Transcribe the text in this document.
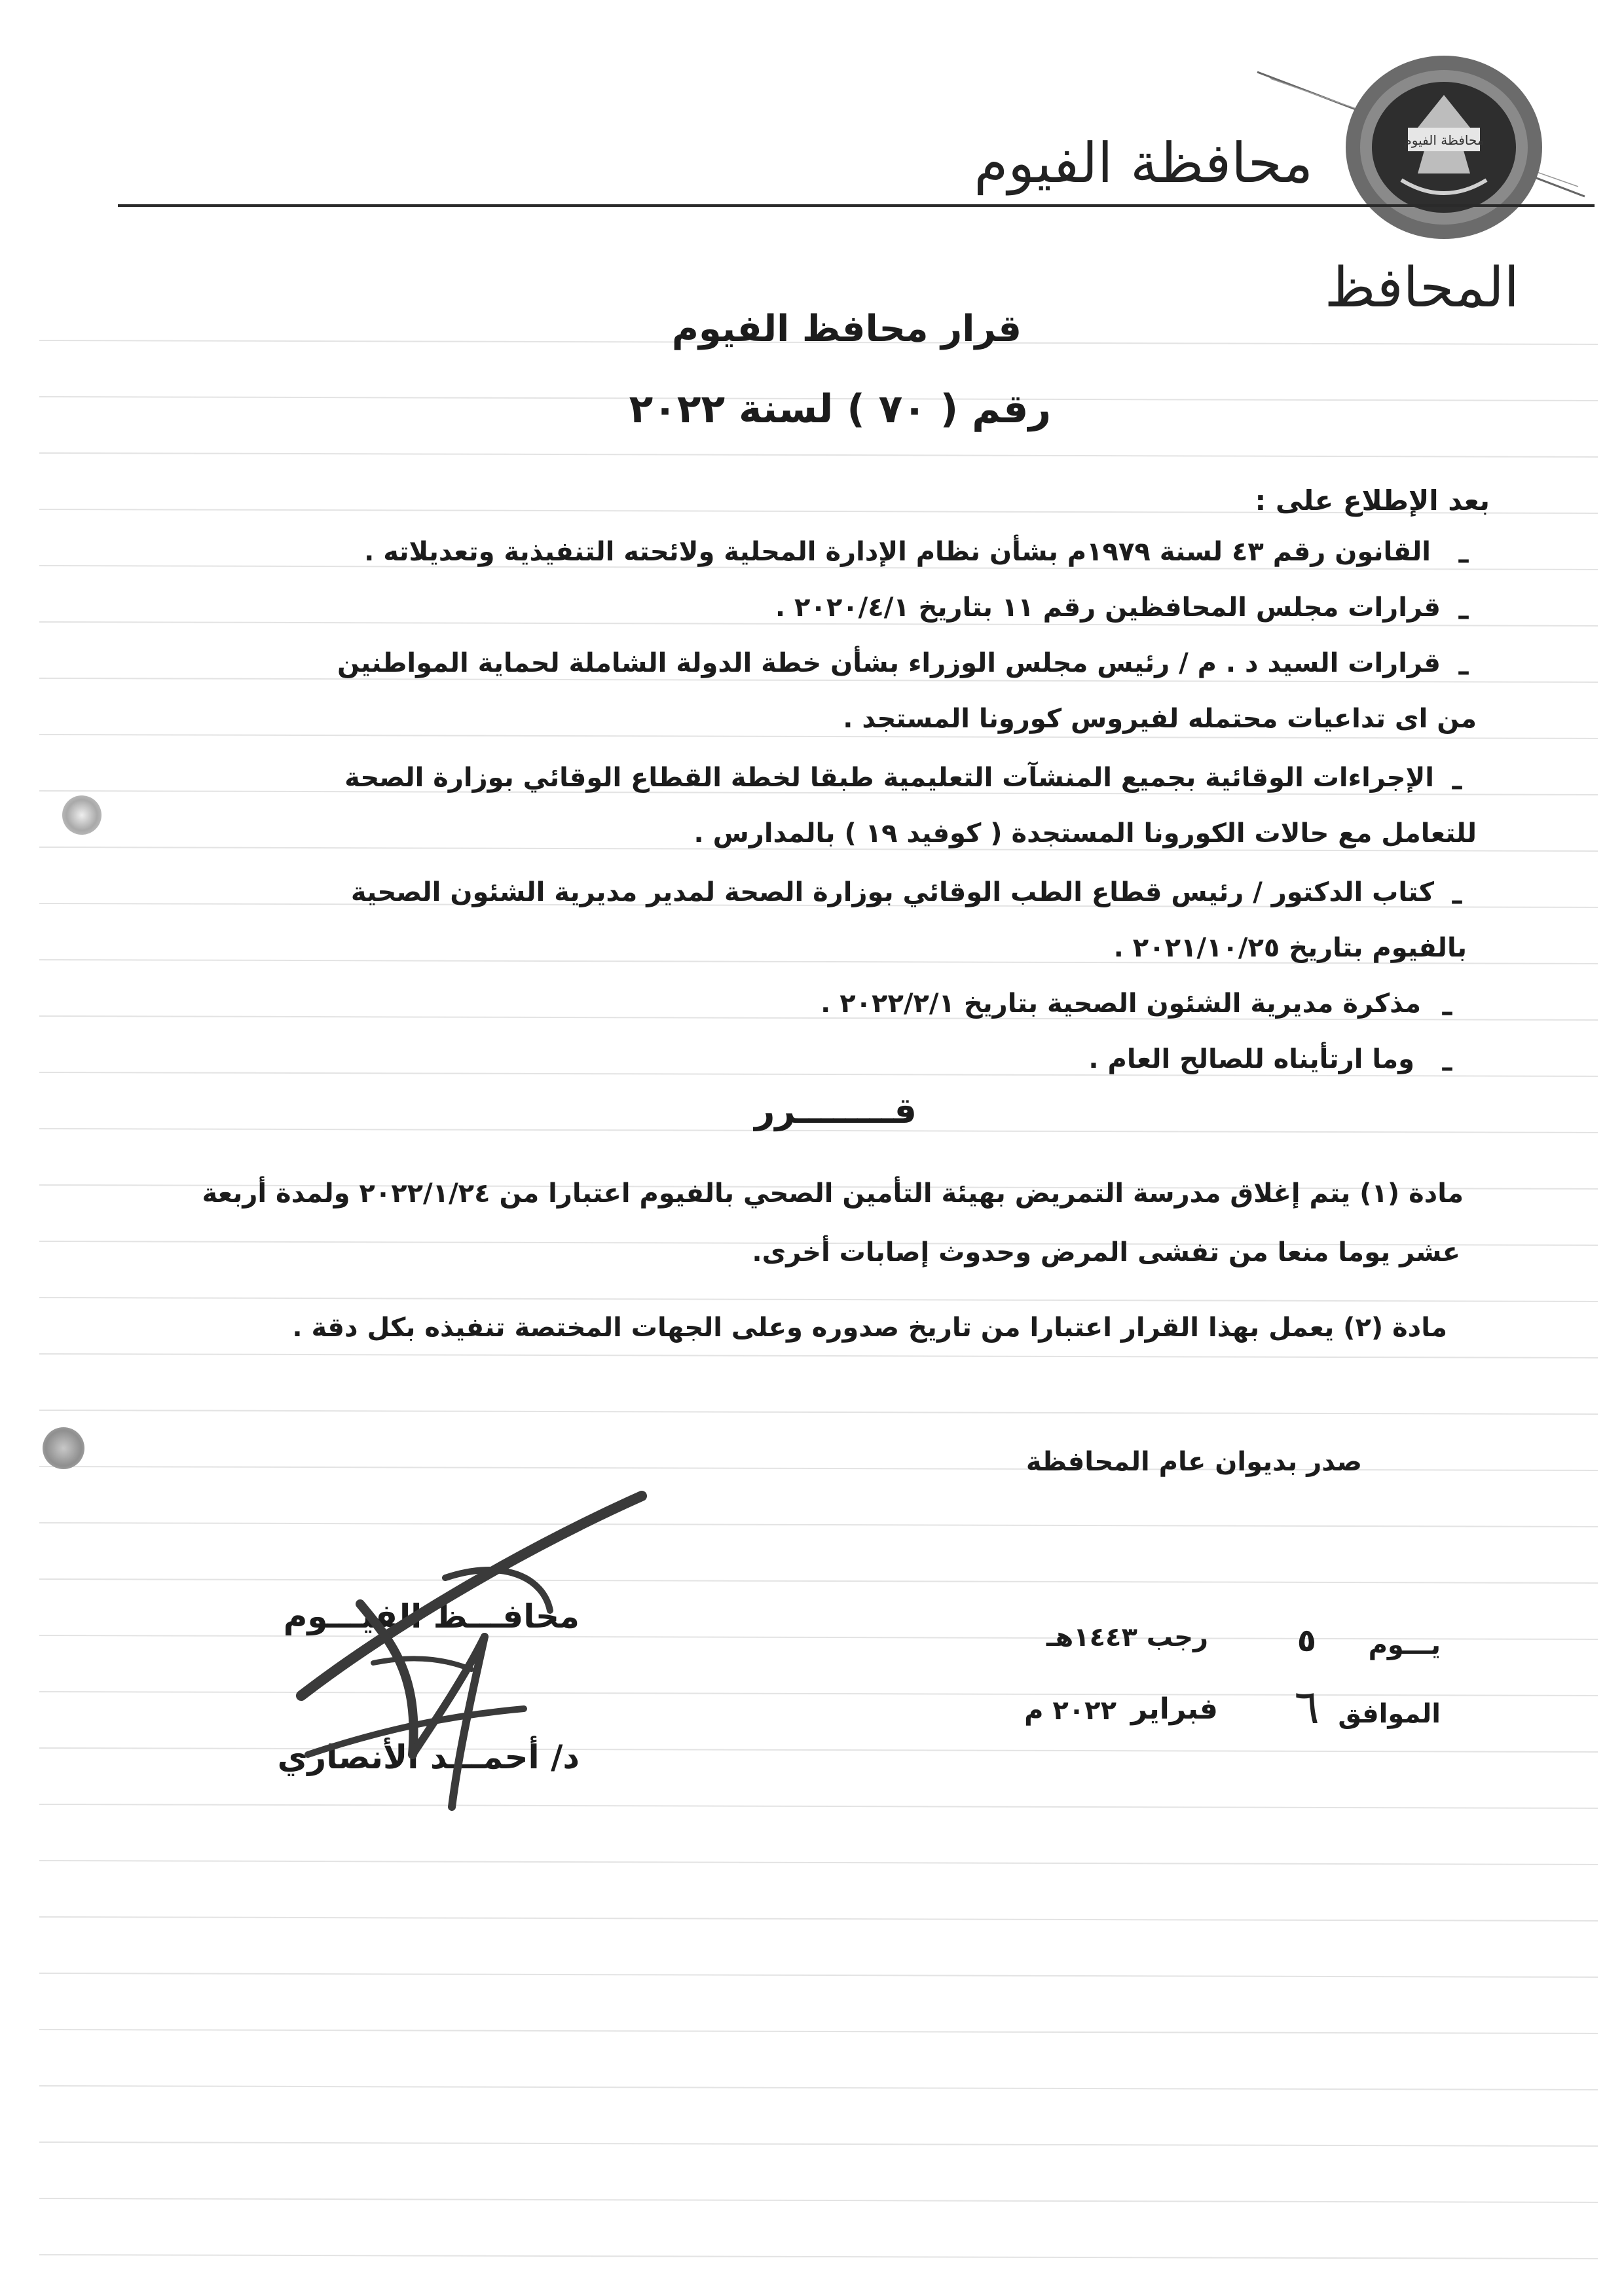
محافظة الفيوم
محافظة الفيوم
المحافظ
قرار محافظ الفيوم
رقم ( ٧٠ ) لسنة ٢٠٢٢
بعد الإطلاع على :
–
القانون رقم ٤٣ لسنة ١٩٧٩م بشأن نظام الإدارة المحلية ولائحته التنفيذية وتعديلاته .
–
قرارات مجلس المحافظين رقم ١١ بتاريخ ٢٠٢٠/٤/١ .
–
قرارات السيد د . م / رئيس مجلس الوزراء بشأن خطة الدولة الشاملة لحماية المواطنين
من اى تداعيات محتمله لفيروس كورونا المستجد .
–
الإجراءات الوقائية بجميع المنشآت التعليمية طبقا لخطة القطاع الوقائي بوزارة الصحة
للتعامل مع حالات الكورونا المستجدة ( كوفيد ١٩ ) بالمدارس .
–
كتاب الدكتور / رئيس قطاع الطب الوقائي بوزارة الصحة لمدير مديرية الشئون الصحية
بالفيوم بتاريخ ٢٠٢١/١٠/٢٥ .
–
مذكرة مديرية الشئون الصحية بتاريخ ٢٠٢٢/٢/١ .
–
وما ارتأيناه للصالح العام .
قــــــــرر
مادة (١) يتم إغلاق مدرسة التمريض بهيئة التأمين الصحي بالفيوم اعتبارا من ٢٠٢٢/١/٢٤ ولمدة أربعة
عشر يوما منعا من تفشى المرض وحدوث إصابات أخرى.
مادة (٢) يعمل بهذا القرار اعتبارا من تاريخ صدوره وعلى الجهات المختصة تنفيذه بكل دقة .
صدر بديوان عام المحافظة
محافـــظ الفيـــوم
د/ أحمـــد الأنصاري
يـــوم
٥
رجب ١٤٤٣هـ
الموافق
٦
فبراير
٢٠٢٢ م
